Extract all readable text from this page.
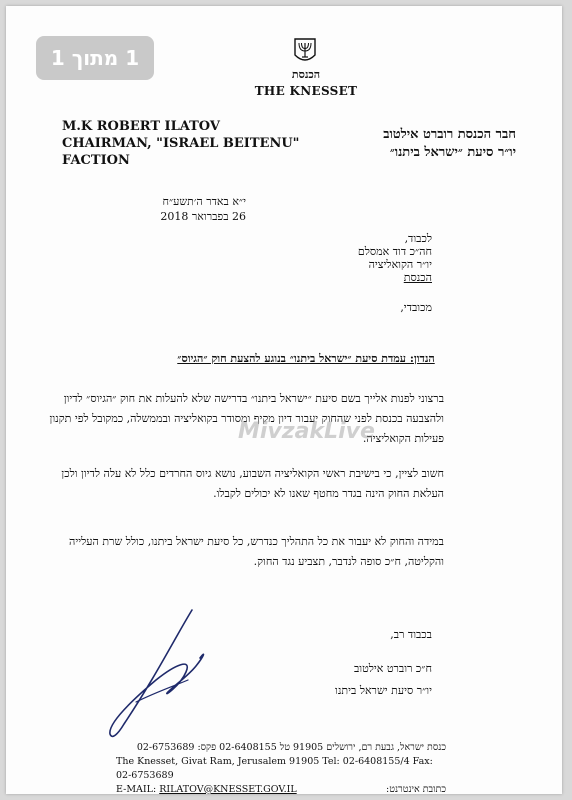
1 מתוך 1
הכנסת
THE KNESSET
M.K ROBERT ILATOV
CHAIRMAN, "ISRAEL BEITENU"
FACTION
חבר הכנסת רוברט אילטוב
יו״ר סיעת ״ישראל ביתנו״
י״א באדר ה׳תשע״ח
26 בפברואר 2018
לכבוד,
חה״כ דוד אמסלם
יו״ר הקואליציה
הכנסת
מכובדי,
הנדון: עמדת סיעת ״ישראל ביתנו״ בנוגע להצעת חוק ״הגיוס״
ברצוני לפנות אלייך בשם סיעת ״ישראל ביתנו״ בדרישה שלא להעלות את חוק ״הגיוס״ לדיון ולהצבעה בכנסת לפני שהחוק יעבור דיון מקיף ומסודר בקואליציה ובממשלה, כמקובל לפי תקנון פעילות הקואליציה.
MivzakLive
חשוב לציין, כי בישיבת ראשי הקואליציה השבוע, נושא גיוס החרדים כלל לא עלה לדיון ולכן העלאת החוק הינה בגדר מחטף שאנו לא יכולים לקבלו.
במידה והחוק לא יעבור את כל התהליך כנדרש, כל סיעת ישראל ביתנו, כולל שרת העלייה והקליטה, ח״כ סופה לנדבר, תצביע נגד החוק.
בכבוד רב,
ח״כ רוברט אילטוב
יו״ר סיעת ישראל ביתנו
כנסת ישראל, גבעת רם, ירושלים 91905 טל 02-6408155 פקס: 02-6753689
The Knesset, Givat Ram, Jerusalem 91905 Tel: 02-6408155/4 Fax: 02-6753689
E-MAIL: RILATOV@KNESSET.GOV.IL	כתובת אינטרנט:
